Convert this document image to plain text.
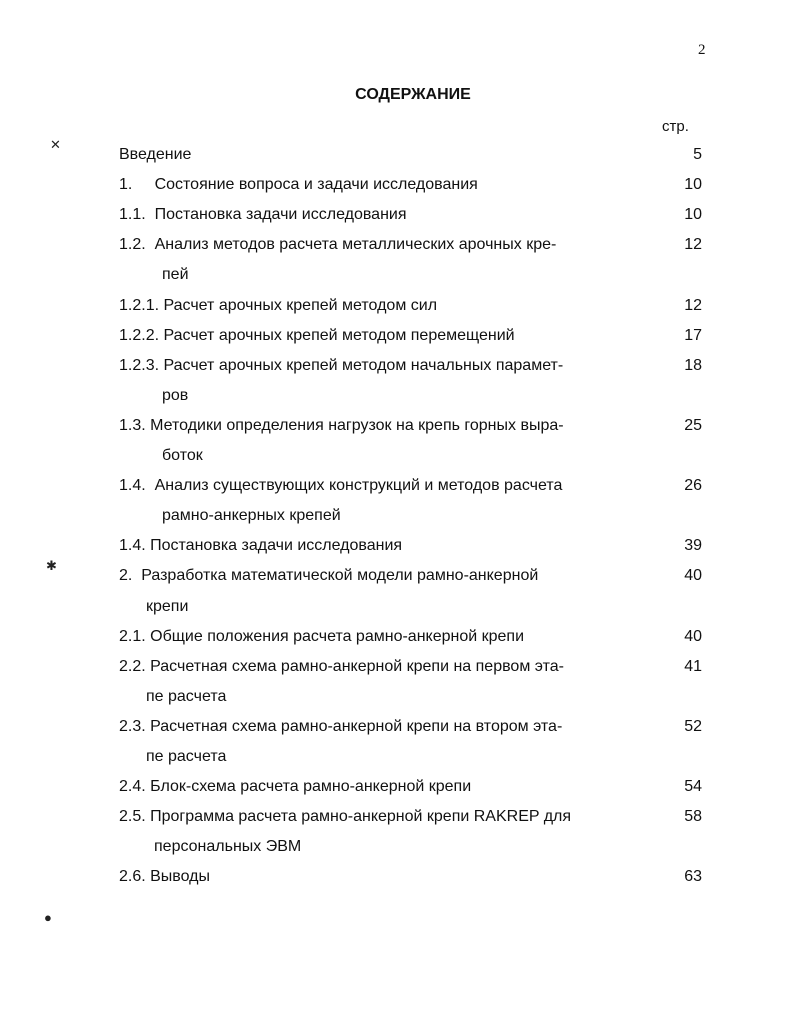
2
СОДЕРЖАНИЕ
стр.
Введение	5
1.     Состояние вопроса и задачи исследования	10
1.1.  Постановка задачи исследования	10
1.2.  Анализ методов расчета металлических арочных кре-	12
пей
1.2.1. Расчет арочных крепей методом сил	12
1.2.2. Расчет арочных крепей методом перемещений	17
1.2.3. Расчет арочных крепей методом начальных парамет-	18
ров
1.3. Методики определения нагрузок на крепь горных выра-	25
боток
1.4.  Анализ существующих конструкций и методов расчета	26
рамно-анкерных крепей
1.4. Постановка задачи исследования	39
2.  Разработка математической модели рамно-анкерной	40
крепи
2.1. Общие положения расчета рамно-анкерной крепи	40
2.2. Расчетная схема рамно-анкерной крепи на первом эта-	41
пе расчета
2.3. Расчетная схема рамно-анкерной крепи на втором эта-	52
пе расчета
2.4. Блок-схема расчета рамно-анкерной крепи	54
2.5. Программа расчета рамно-анкерной крепи RAKREP для	58
персональных ЭВМ
2.6. Выводы	63
✕
✱
●
